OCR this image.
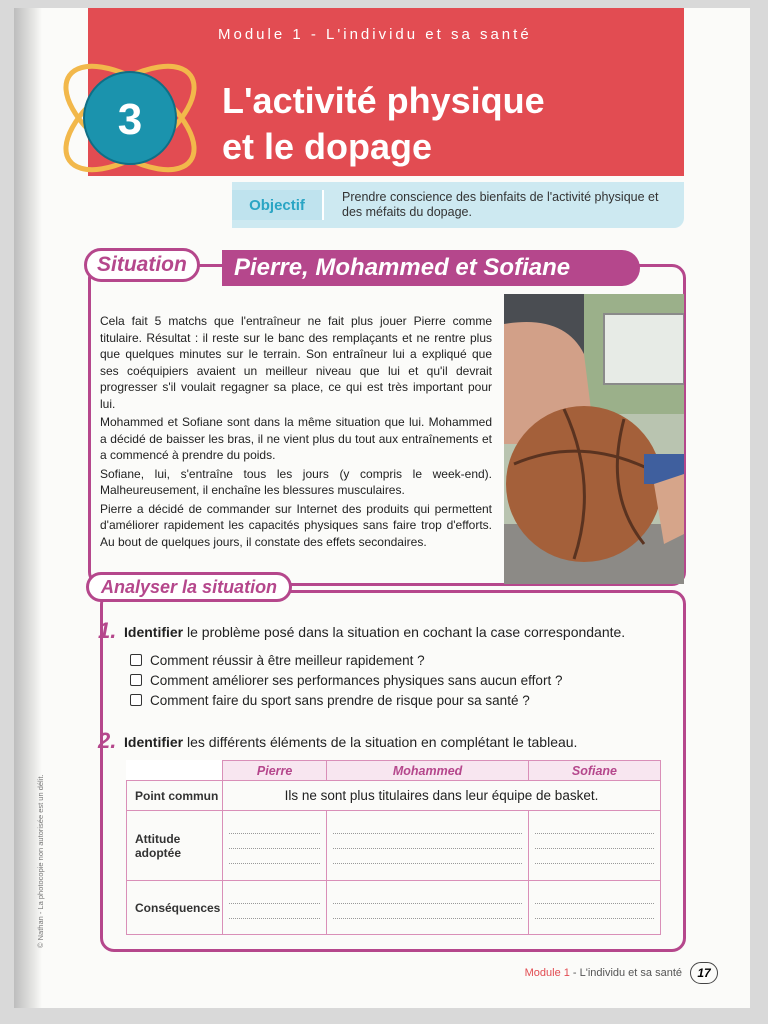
© Nathan - La photocopie non autorisée est un délit.
Module 1 - L'individu et sa santé
L'activité physique
et le dopage
3
Objectif	Prendre conscience des bienfaits de l'activité physique et des méfaits du dopage.
Pierre, Mohammed et Sofiane
Situation

Cela fait 5 matchs que l'entraîneur ne fait plus jouer Pierre comme titulaire. Résultat : il reste sur le banc des remplaçants et ne rentre plus que quelques minutes sur le terrain. Son entraîneur lui a expliqué que ses coéquipiers avaient un meilleur niveau que lui et qu'il devrait progresser s'il voulait regagner sa place, ce qui est très important pour lui.

Mohammed et Sofiane sont dans la même situation que lui. Mohammed a décidé de baisser les bras, il ne vient plus du tout aux entraînements et a commencé à prendre du poids.

Sofiane, lui, s'entraîne tous les jours (y compris le week-end). Malheureusement, il enchaîne les blessures musculaires.

Pierre a décidé de commander sur Internet des produits qui permettent d'améliorer rapidement les capacités physiques sans faire trop d'efforts. Au bout de quelques jours, il constate des effets secondaires.

Analyser la situation
1. Identifier le problème posé dans la situation en cochant la case correspondante.
Comment réussir à être meilleur rapidement ?
Comment améliorer ses performances physiques sans aucun effort ?
Comment faire du sport sans prendre de risque pour sa santé ?
2. Identifier les différents éléments de la situation en complétant le tableau.
	Pierre	Mohammed	Sofiane
Point commun	Ils ne sont plus titulaires dans leur équipe de basket.		

Attitude
adoptée			

Conséquences	

Module 1 - L'individu et sa santé	17
